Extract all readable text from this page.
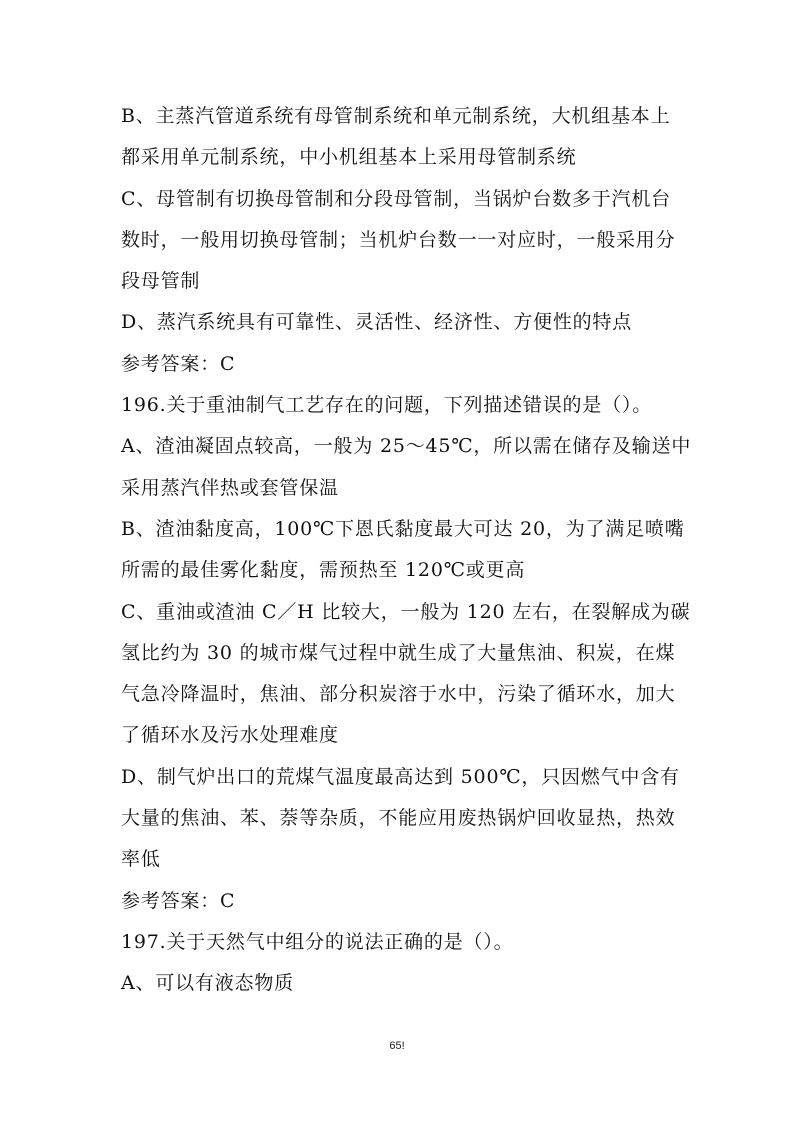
B、主蒸汽管道系统有母管制系统和单元制系统，大机组基本上
都采用单元制系统，中小机组基本上采用母管制系统
C、母管制有切换母管制和分段母管制，当锅炉台数多于汽机台
数时，一般用切换母管制；当机炉台数一一对应时，一般采用分
段母管制
D、蒸汽系统具有可靠性、灵活性、经济性、方便性的特点
参考答案：C
196.关于重油制气工艺存在的问题，下列描述错误的是（）。
A、渣油凝固点较高，一般为 25～45℃，所以需在储存及输送中
采用蒸汽伴热或套管保温
B、渣油黏度高，100℃下恩氏黏度最大可达 20，为了满足喷嘴
所需的最佳雾化黏度，需预热至 120℃或更高
C、重油或渣油 C／H 比较大，一般为 120 左右，在裂解成为碳
氢比约为 30 的城市煤气过程中就生成了大量焦油、积炭，在煤
气急冷降温时，焦油、部分积炭溶于水中，污染了循环水，加大
了循环水及污水处理难度
D、制气炉出口的荒煤气温度最高达到 500℃，只因燃气中含有
大量的焦油、苯、萘等杂质，不能应用废热锅炉回收显热，热效
率低
参考答案：C
197.关于天然气中组分的说法正确的是（）。
A、可以有液态物质
65!
